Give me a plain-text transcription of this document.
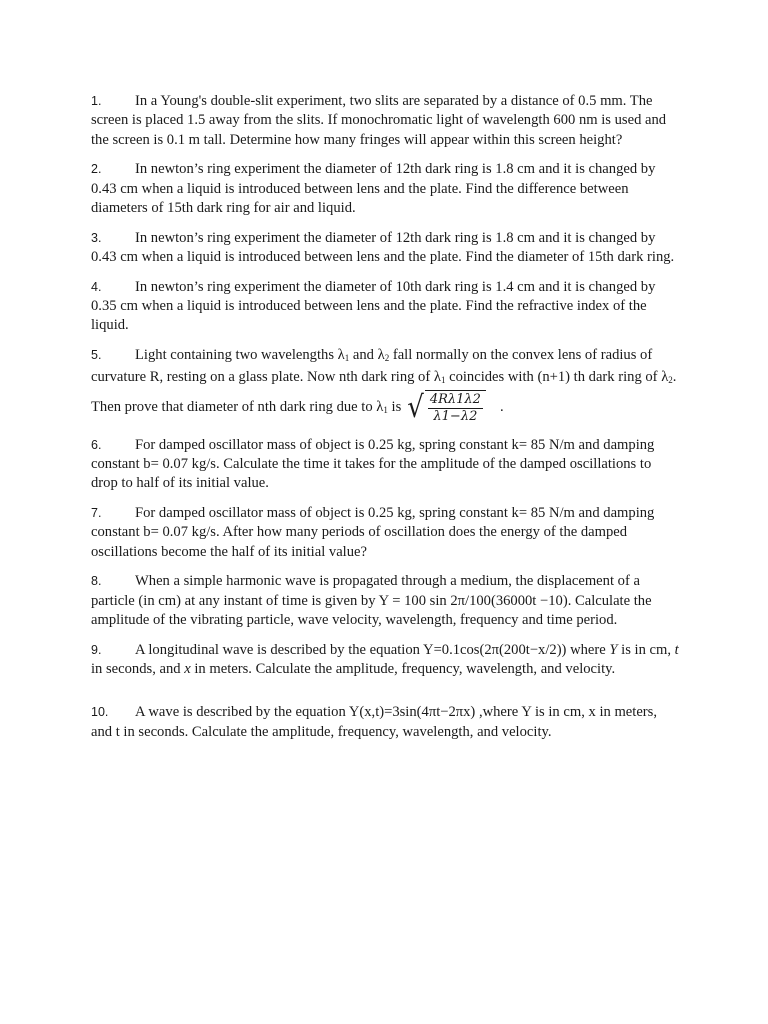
1. In a Young's double-slit experiment, two slits are separated by a distance of 0.5 mm. The screen is placed 1.5 away from the slits. If monochromatic light of wavelength 600 nm is used and the screen is 0.1 m tall. Determine how many fringes will appear within this screen height?

2. In newton’s ring experiment the diameter of 12th dark ring is 1.8 cm and it is changed by 0.43 cm when a liquid is introduced between lens and the plate. Find the difference between diameters of 15th dark ring for air and liquid.

3. In newton’s ring experiment the diameter of 12th dark ring is 1.8 cm and it is changed by 0.43 cm when a liquid is introduced between lens and the plate. Find the diameter of 15th dark ring.

4. In newton’s ring experiment the diameter of 10th dark ring is 1.4 cm and it is changed by 0.35 cm when a liquid is introduced between lens and the plate. Find the refractive index of the liquid.

5. Light containing two wavelengths $\lambda_1$ and $\lambda_2$ fall normally on the convex lens of radius of curvature R, resting on a glass plate. Now nth dark ring of $\lambda_1$ coincides with (n+1) th dark ring of $\lambda_2$. Then prove that diameter of nth dark ring due to $\lambda_1$ is √ $\frac{4R\lambda 1\lambda 2}{\lambda 1-\lambda 2}$ .

6. For damped oscillator mass of object is 0.25 kg, spring constant k= 85 N/m and damping constant b= 0.07 kg/s. Calculate the time it takes for the amplitude of the damped oscillations to drop to half of its initial value.

7. For damped oscillator mass of object is 0.25 kg, spring constant k= 85 N/m and damping constant b= 0.07 kg/s. After how many periods of oscillation does the energy of the damped oscillations become the half of its initial value?

8. When a simple harmonic wave is propagated through a medium, the displacement of a particle (in cm) at any instant of time is given by Y = 100 sin 2π/100(36000t −10). Calculate the amplitude of the vibrating particle, wave velocity, wavelength, frequency and time period.

9. A longitudinal wave is described by the equation Y=0.1cos(2π(200t−x/2)) where Y is in cm, t in seconds, and x in meters. Calculate the amplitude, frequency, wavelength, and velocity.

10. A wave is described by the equation Y(x,t)=3sin(4πt−2πx) ,where Y is in cm, x in meters, and t in seconds. Calculate the amplitude, frequency, wavelength, and velocity.
